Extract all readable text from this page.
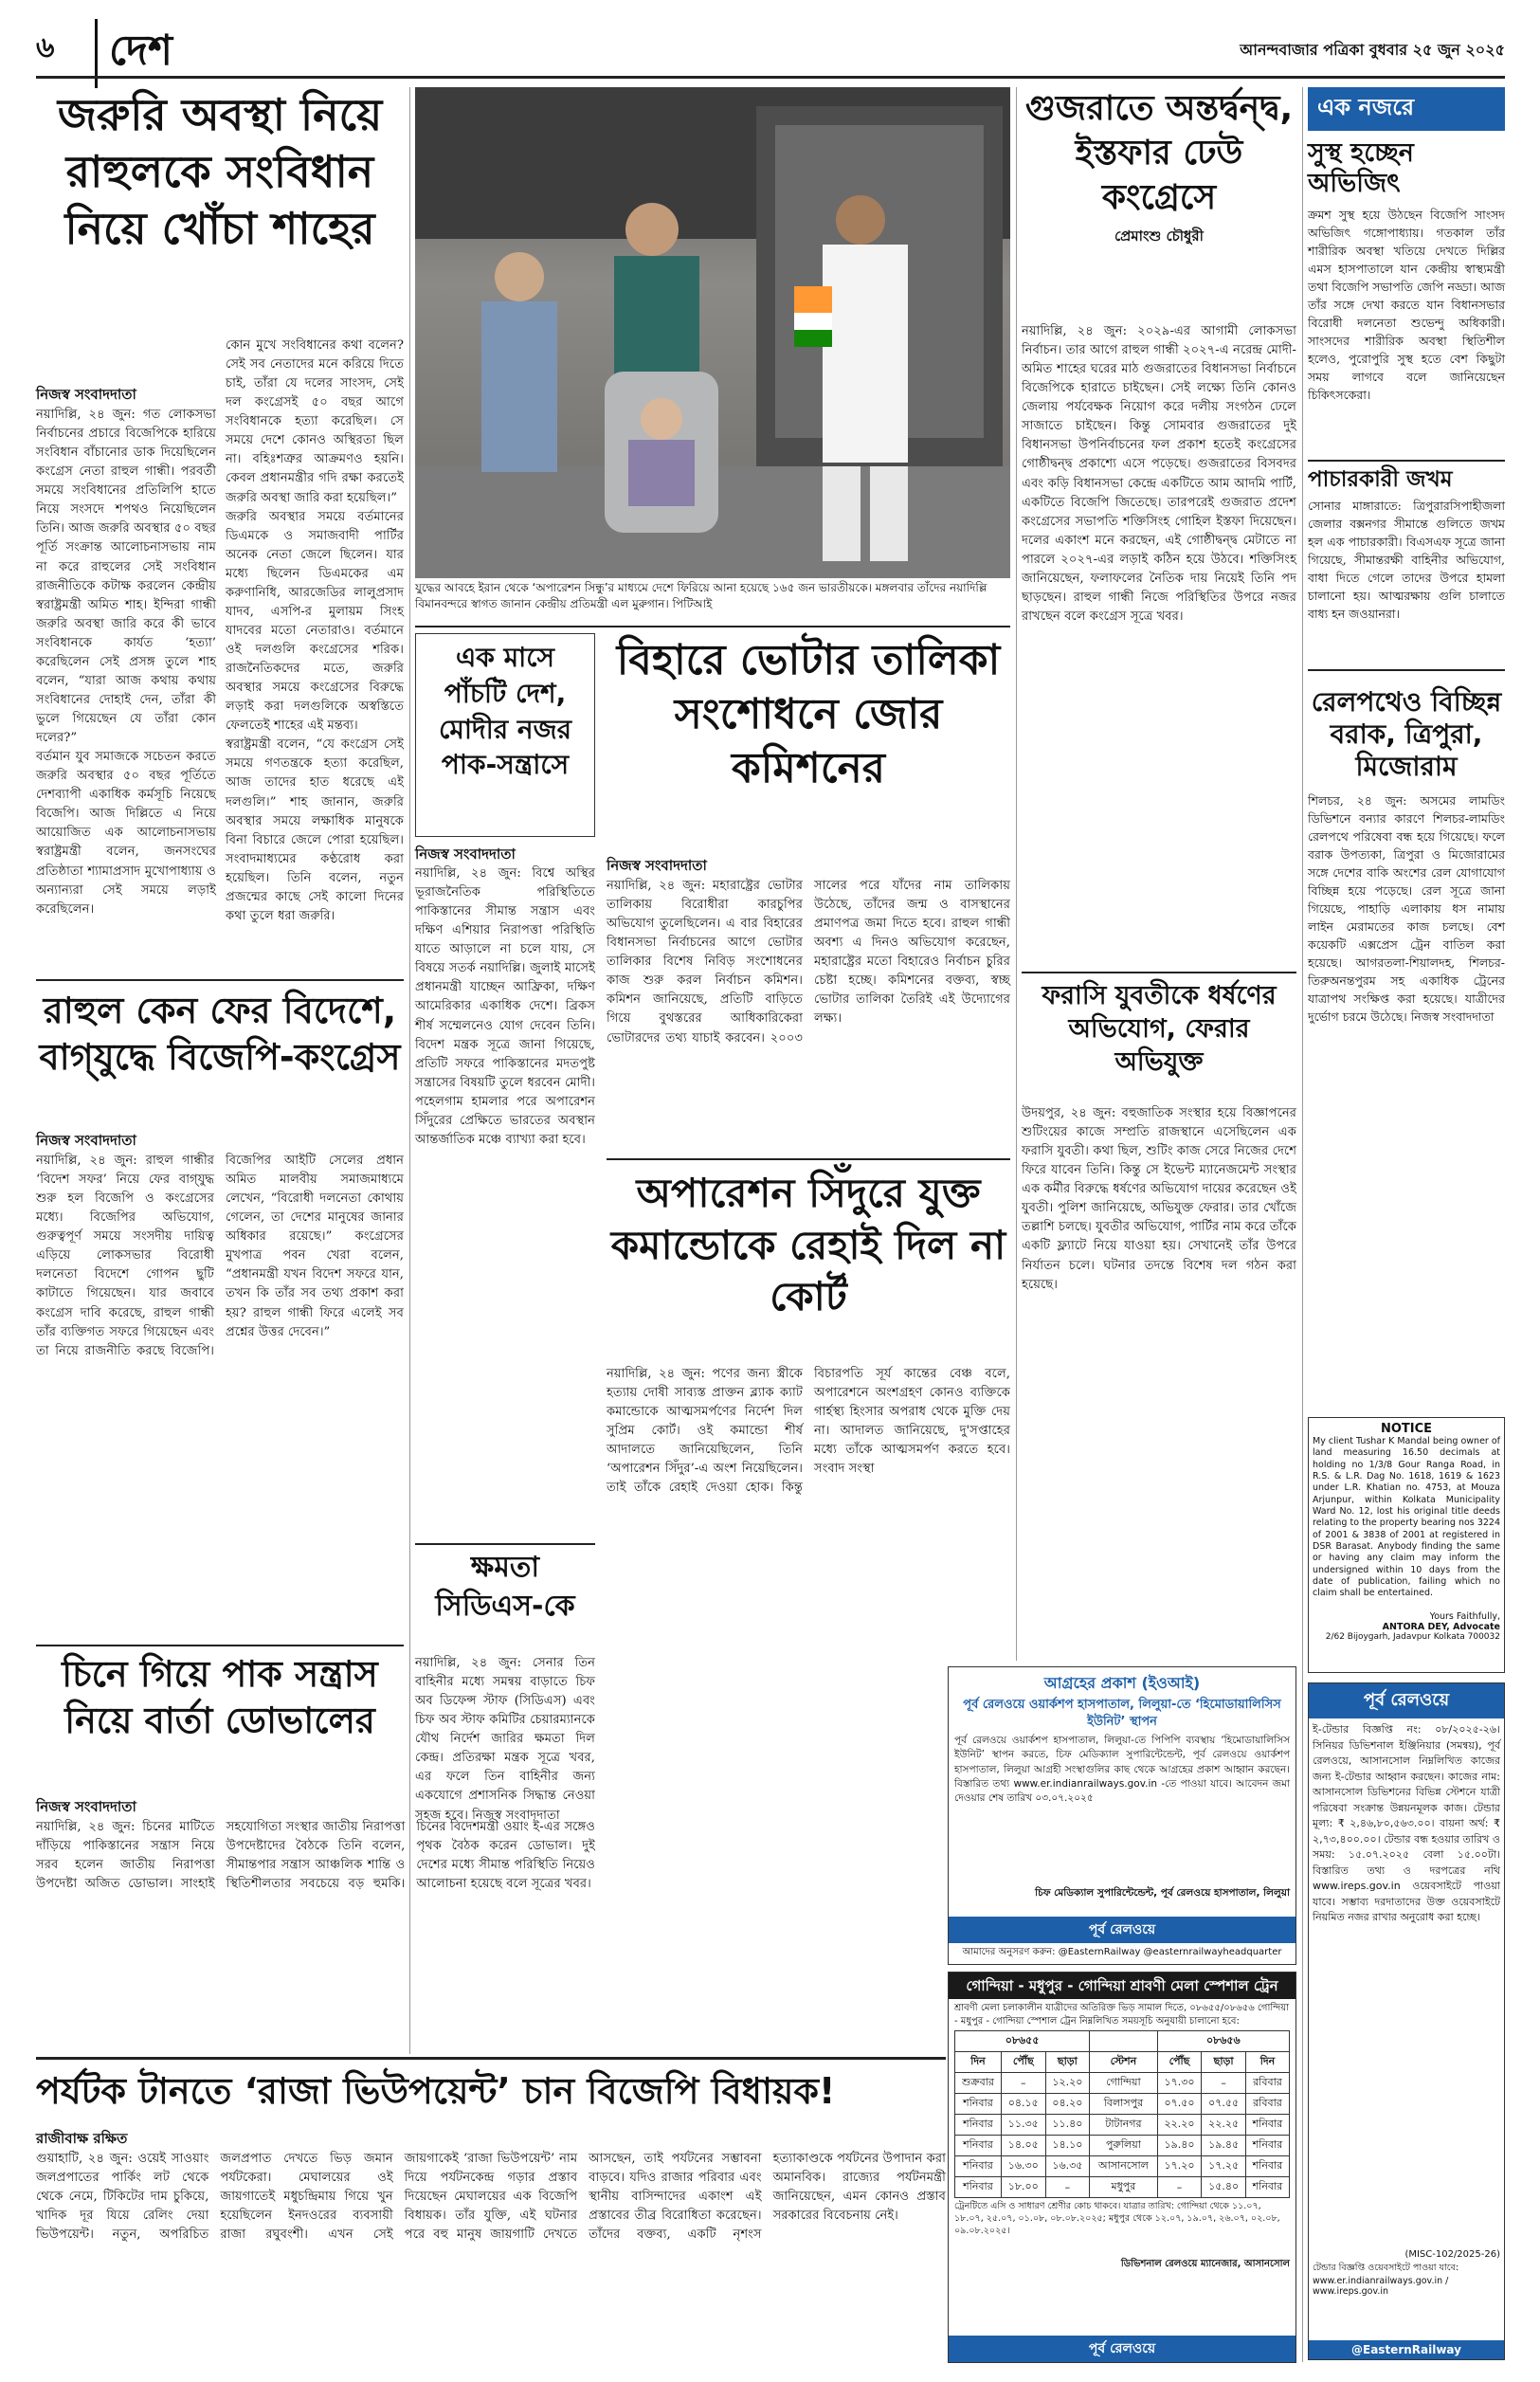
৬	দেশ	আনন্দবাজার পত্রিকা বুধবার ২৫ জুন ২০২৫
জরুরি অবস্থা নিয়ে রাহুলকে সংবিধান নিয়ে খোঁচা শাহের
নিজস্ব সংবাদদাতা
নয়াদিল্লি, ২৪ জুন: গত লোকসভা নির্বাচনের প্রচারে বিজেপিকে হারিয়ে সংবিধান বাঁচানোর ডাক দিয়েছিলেন কংগ্রেস নেতা রাহুল গান্ধী। পরবর্তী সময়ে সংবিধানের প্রতিলিপি হাতে নিয়ে সংসদে শপথও নিয়েছিলেন তিনি। আজ জরুরি অবস্থার ৫০ বছর পূর্তি সংক্রান্ত আলোচনাসভায় নাম না করে রাহুলের সেই সংবিধান রাজনীতিকে কটাক্ষ করলেন কেন্দ্রীয় স্বরাষ্ট্রমন্ত্রী অমিত শাহ। ইন্দিরা গান্ধী জরুরি অবস্থা জারি করে কী ভাবে সংবিধানকে কার্যত ‘হত্যা’ করেছিলেন সেই প্রসঙ্গ তুলে শাহ বলেন, “যারা আজ কথায় কথায় সংবিধানের দোহাই দেন, তাঁরা কী ভুলে গিয়েছেন যে তাঁরা কোন দলের?”
বর্তমান যুব সমাজকে সচেতন করতে জরুরি অবস্থার ৫০ বছর পূর্তিতে দেশব্যাপী একাধিক কর্মসূচি নিয়েছে বিজেপি। আজ দিল্লিতে এ নিয়ে আয়োজিত এক আলোচনাসভায় স্বরাষ্ট্রমন্ত্রী বলেন, জনসংঘের প্রতিষ্ঠাতা শ্যামাপ্রসাদ মুখোপাধ্যায় ও অন্যান্যরা সেই সময়ে লড়াই করেছিলেন।
কোন মুখে সংবিধানের কথা বলেন? সেই সব নেতাদের মনে করিয়ে দিতে চাই, তাঁরা যে দলের সাংসদ, সেই দল কংগ্রেসই ৫০ বছর আগে সংবিধানকে হত্যা করেছিল। সে সময়ে দেশে কোনও অস্থিরতা ছিল না। বহিঃশত্রুর আক্রমণও হয়নি। কেবল প্রধানমন্ত্রীর গদি রক্ষা করতেই জরুরি অবস্থা জারি করা হয়েছিল।”
জরুরি অবস্থার সময়ে বর্তমানের ডিএমকে ও সমাজবাদী পার্টির অনেক নেতা জেলে ছিলেন। যার মধ্যে ছিলেন ডিএমকের এম করুণানিধি, আরজেডির লালুপ্রসাদ যাদব, এসপি-র মুলায়ম সিংহ যাদবের মতো নেতারাও। বর্তমানে ওই দলগুলি কংগ্রেসের শরিক। রাজনৈতিকদের মতে, জরুরি অবস্থার সময়ে কংগ্রেসের বিরুদ্ধে লড়াই করা দলগুলিকে অস্বস্তিতে ফেলতেই শাহের এই মন্তব্য।
স্বরাষ্ট্রমন্ত্রী বলেন, “যে কংগ্রেস সেই সময়ে গণতন্ত্রকে হত্যা করেছিল, আজ তাদের হাত ধরেছে এই দলগুলি।” শাহ জানান, জরুরি অবস্থার সময়ে লক্ষাধিক মানুষকে বিনা বিচারে জেলে পোরা হয়েছিল। সংবাদমাধ্যমের কণ্ঠরোধ করা হয়েছিল। তিনি বলেন, নতুন প্রজন্মের কাছে সেই কালো দিনের কথা তুলে ধরা জরুরি।
যুদ্ধের আবহে ইরান থেকে ‘অপারেশন সিন্ধু’র মাধ্যমে দেশে ফিরিয়ে আনা হয়েছে ১৬৫ জন ভারতীয়কে। মঙ্গলবার তাঁদের নয়াদিল্লি বিমানবন্দরে স্বাগত জানান কেন্দ্রীয় প্রতিমন্ত্রী এল মুরুগান। পিটিআই
গুজরাতে অন্তর্দ্বন্দ্ব, ইস্তফার ঢেউ কংগ্রেসে
প্রেমাংশু চৌধুরী
নয়াদিল্লি, ২৪ জুন: ২০২৯-এর আগামী লোকসভা নির্বাচন। তার আগে রাহুল গান্ধী ২০২৭-এ নরেন্দ্র মোদী-অমিত শাহের ঘরের মাঠ গুজরাতের বিধানসভা নির্বাচনে বিজেপিকে হারাতে চাইছেন। সেই লক্ষ্যে তিনি কোনও জেলায় পর্যবেক্ষক নিয়োগ করে দলীয় সংগঠন ঢেলে সাজাতে চাইছেন। কিন্তু সোমবার গুজরাতের দুই বিধানসভা উপনির্বাচনের ফল প্রকাশ হতেই কংগ্রেসের গোষ্ঠীদ্বন্দ্ব প্রকাশ্যে এসে পড়েছে। গুজরাতের বিসবদর এবং কড়ি বিধানসভা কেন্দ্রে একটিতে আম আদমি পার্টি, একটিতে বিজেপি জিতেছে। তারপরেই গুজরাত প্রদেশ কংগ্রেসের সভাপতি শক্তিসিংহ গোহিল ইস্তফা দিয়েছেন। দলের একাংশ মনে করছেন, এই গোষ্ঠীদ্বন্দ্ব মেটাতে না পারলে ২০২৭-এর লড়াই কঠিন হয়ে উঠবে। শক্তিসিংহ জানিয়েছেন, ফলাফলের নৈতিক দায় নিয়েই তিনি পদ ছাড়ছেন। রাহুল গান্ধী নিজে পরিস্থিতির উপরে নজর রাখছেন বলে কংগ্রেস সূত্রে খবর।
এক নজরে
সুস্থ হচ্ছেন অভিজিৎ
ক্রমশ সুস্থ হয়ে উঠছেন বিজেপি সাংসদ অভিজিৎ গঙ্গোপাধ্যায়। গতকাল তাঁর শারীরিক অবস্থা খতিয়ে দেখতে দিল্লির এমস হাসপাতালে যান কেন্দ্রীয় স্বাস্থ্যমন্ত্রী তথা বিজেপি সভাপতি জেপি নড্ডা। আজ তাঁর সঙ্গে দেখা করতে যান বিধানসভার বিরোধী দলনেতা শুভেন্দু অধিকারী। সাংসদের শারীরিক অবস্থা স্থিতিশীল হলেও, পুরোপুরি সুস্থ হতে বেশ কিছুটা সময় লাগবে বলে জানিয়েছেন চিকিৎসকেরা।
পাচারকারী জখম
সোনার মাঙ্গারাতে: ত্রিপুরারসিপাহীজলা জেলার বক্সনগর সীমান্তে গুলিতে জখম হল এক পাচারকারী। বিএসএফ সূত্রে জানা গিয়েছে, সীমান্তরক্ষী বাহিনীর অভিযোগ, বাধা দিতে গেলে তাদের উপরে হামলা চালানো হয়। আত্মরক্ষায় গুলি চালাতে বাধ্য হন জওয়ানরা।
রেলপথেও বিচ্ছিন্ন বরাক, ত্রিপুরা, মিজোরাম
শিলচর, ২৪ জুন: অসমের লামডিং ডিভিশনে বন্যার কারণে শিলচর-লামডিং রেলপথে পরিষেবা বন্ধ হয়ে গিয়েছে। ফলে বরাক উপত্যকা, ত্রিপুরা ও মিজোরামের সঙ্গে দেশের বাকি অংশের রেল যোগাযোগ বিচ্ছিন্ন হয়ে পড়েছে। রেল সূত্রে জানা গিয়েছে, পাহাড়ি এলাকায় ধস নামায় লাইন মেরামতের কাজ চলছে। বেশ কয়েকটি এক্সপ্রেস ট্রেন বাতিল করা হয়েছে। আগরতলা-শিয়ালদহ, শিলচর-তিরুঅনন্তপুরম সহ একাধিক ট্রেনের যাত্রাপথ সংক্ষিপ্ত করা হয়েছে। যাত্রীদের দুর্ভোগ চরমে উঠেছে। নিজস্ব সংবাদদাতা
NOTICE
My client Tushar K Mandal being owner of land measuring 16.50 decimals at holding no 1/3/8 Gour Ranga Road, in R.S. & L.R. Dag No. 1618, 1619 & 1623 under L.R. Khatian no. 4753, at Mouza Arjunpur, within Kolkata Municipality Ward No. 12, lost his original title deeds relating to the property bearing nos 3224 of 2001 & 3838 of 2001 at registered in DSR Barasat. Anybody finding the same or having any claim may inform the undersigned within 10 days from the date of publication, failing which no claim shall be entertained.
Yours Faithfully,
ANTORA DEY, Advocate
2/62 Bijoygarh, Jadavpur Kolkata 700032
পূর্ব রেলওয়ে
ই-টেন্ডার বিজ্ঞপ্তি নং: ০৮/২০২৫-২৬। সিনিয়র ডিভিশনাল ইঞ্জিনিয়ার (সমন্বয়), পূর্ব রেলওয়ে, আসানসোল নিম্নলিখিত কাজের জন্য ই-টেন্ডার আহ্বান করছেন। কাজের নাম: আসানসোল ডিভিশনের বিভিন্ন স্টেশনে যাত্রী পরিষেবা সংক্রান্ত উন্নয়নমূলক কাজ। টেন্ডার মূল্য: ₹ ২,৪৬,৮০,৫৬৩.০০। বায়না অর্থ: ₹ ২,৭৩,৪০০.০০। টেন্ডার বন্ধ হওয়ার তারিখ ও সময়: ১৫.০৭.২০২৫ বেলা ১৫.০০টা। বিস্তারিত তথ্য ও দরপত্রের নথি www.ireps.gov.in ওয়েবসাইটে পাওয়া যাবে। সম্ভাব্য দরদাতাদের উক্ত ওয়েবসাইটে নিয়মিত নজর রাখার অনুরোধ করা হচ্ছে।
(MISC-102/2025-26)
টেন্ডার বিজ্ঞপ্তি ওয়েবসাইটে পাওয়া যাবে: www.er.indianrailways.gov.in / www.ireps.gov.in
@EasternRailway
রাহুল কেন ফের বিদেশে, বাগ্‌যুদ্ধে বিজেপি-কংগ্রেস
নিজস্ব সংবাদদাতা
নয়াদিল্লি, ২৪ জুন: রাহুল গান্ধীর ‘বিদেশ সফর’ নিয়ে ফের বাগ্‌যুদ্ধ শুরু হল বিজেপি ও কংগ্রেসের মধ্যে। বিজেপির অভিযোগ, গুরুত্বপূর্ণ সময়ে সংসদীয় দায়িত্ব এড়িয়ে লোকসভার বিরোধী দলনেতা বিদেশে গোপন ছুটি কাটাতে গিয়েছেন। যার জবাবে কংগ্রেস দাবি করেছে, রাহুল গান্ধী তাঁর ব্যক্তিগত সফরে গিয়েছেন এবং তা নিয়ে রাজনীতি করছে বিজেপি। বিজেপির আইটি সেলের প্রধান অমিত মালবীয় সমাজমাধ্যমে লেখেন, “বিরোধী দলনেতা কোথায় গেলেন, তা দেশের মানুষের জানার অধিকার রয়েছে।” কংগ্রেসের মুখপাত্র পবন খেরা বলেন, “প্রধানমন্ত্রী যখন বিদেশ সফরে যান, তখন কি তাঁর সব তথ্য প্রকাশ করা হয়? রাহুল গান্ধী ফিরে এলেই সব প্রশ্নের উত্তর দেবেন।”
এক মাসে পাঁচটি দেশ, মোদীর নজর পাক-সন্ত্রাসে
নিজস্ব সংবাদদাতা
নয়াদিল্লি, ২৪ জুন: বিশ্বে অস্থির ভূরাজনৈতিক পরিস্থিতিতে পাকিস্তানের সীমান্ত সন্ত্রাস এবং দক্ষিণ এশিয়ার নিরাপত্তা পরিস্থিতি যাতে আড়ালে না চলে যায়, সে বিষয়ে সতর্ক নয়াদিল্লি। জুলাই মাসেই প্রধানমন্ত্রী যাচ্ছেন আফ্রিকা, দক্ষিণ আমেরিকার একাধিক দেশে। ব্রিকস শীর্ষ সম্মেলনেও যোগ দেবেন তিনি। বিদেশ মন্ত্রক সূত্রে জানা গিয়েছে, প্রতিটি সফরে পাকিস্তানের মদতপুষ্ট সন্ত্রাসের বিষয়টি তুলে ধরবেন মোদী। পহেলগাম হামলার পরে অপারেশন সিঁদুরের প্রেক্ষিতে ভারতের অবস্থান আন্তর্জাতিক মঞ্চে ব্যাখ্যা করা হবে।
বিহারে ভোটার তালিকা সংশোধনে জোর কমিশনের
নিজস্ব সংবাদদাতা
নয়াদিল্লি, ২৪ জুন: মহারাষ্ট্রের ভোটার তালিকায় বিরোধীরা কারচুপির অভিযোগ তুলেছিলেন। এ বার বিহারের বিধানসভা নির্বাচনের আগে ভোটার তালিকার বিশেষ নিবিড় সংশোধনের কাজ শুরু করল নির্বাচন কমিশন। কমিশন জানিয়েছে, প্রতিটি বাড়িতে গিয়ে বুথস্তরের আধিকারিকেরা ভোটারদের তথ্য যাচাই করবেন। ২০০৩ সালের পরে যাঁদের নাম তালিকায় উঠেছে, তাঁদের জন্ম ও বাসস্থানের প্রমাণপত্র জমা দিতে হবে। রাহুল গান্ধী অবশ্য এ দিনও অভিযোগ করেছেন, মহারাষ্ট্রের মতো বিহারেও নির্বাচন চুরির চেষ্টা হচ্ছে। কমিশনের বক্তব্য, স্বচ্ছ ভোটার তালিকা তৈরিই এই উদ্যোগের লক্ষ্য।
ফরাসি যুবতীকে ধর্ষণের অভিযোগ, ফেরার অভিযুক্ত
উদয়পুর, ২৪ জুন: বহুজাতিক সংস্থার হয়ে বিজ্ঞাপনের শুটিংয়ের কাজে সম্প্রতি রাজস্থানে এসেছিলেন এক ফরাসি যুবতী। কথা ছিল, শুটিং কাজ সেরে নিজের দেশে ফিরে যাবেন তিনি। কিন্তু সে ইভেন্ট ম্যানেজমেন্ট সংস্থার এক কর্মীর বিরুদ্ধে ধর্ষণের অভিযোগ দায়ের করেছেন ওই যুবতী। পুলিশ জানিয়েছে, অভিযুক্ত ফেরার। তার খোঁজে তল্লাশি চলছে। যুবতীর অভিযোগ, পার্টির নাম করে তাঁকে একটি ফ্ল্যাটে নিয়ে যাওয়া হয়। সেখানেই তাঁর উপরে নির্যাতন চলে। ঘটনার তদন্তে বিশেষ দল গঠন করা হয়েছে।
অপারেশন সিঁদুরে যুক্ত কমান্ডোকে রেহাই দিল না কোর্ট
নয়াদিল্লি, ২৪ জুন: পণের জন্য স্ত্রীকে হত্যায় দোষী সাব্যস্ত প্রাক্তন ব্ল্যাক ক্যাট কমান্ডোকে আত্মসমর্পণের নির্দেশ দিল সুপ্রিম কোর্ট। ওই কমান্ডো শীর্ষ আদালতে জানিয়েছিলেন, তিনি ‘অপারেশন সিঁদুর’-এ অংশ নিয়েছিলেন। তাই তাঁকে রেহাই দেওয়া হোক। কিন্তু বিচারপতি সূর্য কান্তের বেঞ্চ বলে, অপারেশনে অংশগ্রহণ কোনও ব্যক্তিকে গার্হস্থ্য হিংসার অপরাধ থেকে মুক্তি দেয় না। আদালত জানিয়েছে, দু'সপ্তাহের মধ্যে তাঁকে আত্মসমর্পণ করতে হবে। সংবাদ সংস্থা
চিনে গিয়ে পাক সন্ত্রাস নিয়ে বার্তা ডোভালের
নিজস্ব সংবাদদাতা
নয়াদিল্লি, ২৪ জুন: চিনের মাটিতে দাঁড়িয়ে পাকিস্তানের সন্ত্রাস নিয়ে সরব হলেন জাতীয় নিরাপত্তা উপদেষ্টা অজিত ডোভাল। সাংহাই সহযোগিতা সংস্থার জাতীয় নিরাপত্তা উপদেষ্টাদের বৈঠকে তিনি বলেন, সীমান্তপার সন্ত্রাস আঞ্চলিক শান্তি ও স্থিতিশীলতার সবচেয়ে বড় হুমকি। চিনের বিদেশমন্ত্রী ওয়াং ই-এর সঙ্গেও পৃথক বৈঠক করেন ডোভাল। দুই দেশের মধ্যে সীমান্ত পরিস্থিতি নিয়েও আলোচনা হয়েছে বলে সূত্রের খবর।
ক্ষমতা সিডিএস-কে
নয়াদিল্লি, ২৪ জুন: সেনার তিন বাহিনীর মধ্যে সমন্বয় বাড়াতে চিফ অব ডিফেন্স স্টাফ (সিডিএস) এবং চিফ অব স্টাফ কমিটির চেয়ারম্যানকে যৌথ নির্দেশ জারির ক্ষমতা দিল কেন্দ্র। প্রতিরক্ষা মন্ত্রক সূত্রে খবর, এর ফলে তিন বাহিনীর জন্য একযোগে প্রশাসনিক সিদ্ধান্ত নেওয়া সহজ হবে। নিজস্ব সংবাদদাতা
আগ্রহের প্রকাশ (ইওআই)
পূর্ব রেলওয়ে ওয়ার্কশপ হাসপাতাল, লিলুয়া-তে ‘হিমোডায়ালিসিস ইউনিট’ স্থাপন
পূর্ব রেলওয়ে ওয়ার্কশপ হাসপাতাল, লিলুয়া-তে পিপিপি ব্যবস্থায় ‘হিমোডায়ালিসিস ইউনিট’ স্থাপন করতে, চিফ মেডিক্যাল সুপারিন্টেন্ডেন্ট, পূর্ব রেলওয়ে ওয়ার্কশপ হাসপাতাল, লিলুয়া আগ্রহী সংস্থাগুলির কাছ থেকে আগ্রহের প্রকাশ আহ্বান করছেন। বিস্তারিত তথ্য www.er.indianrailways.gov.in -তে পাওয়া যাবে। আবেদন জমা দেওয়ার শেষ তারিখ ০৩.০৭.২০২৫
চিফ মেডিক্যাল সুপারিন্টেন্ডেন্ট, পূর্ব রেলওয়ে হাসপাতাল, লিলুয়া
পূর্ব রেলওয়ে
আমাদের অনুসরণ করুন: @EasternRailway @easternrailwayheadquarter
পর্যটক টানতে ‘রাজা ভিউপয়েন্ট’ চান বিজেপি বিধায়ক!
রাজীবাক্ষ রক্ষিত
গুয়াহাটি, ২৪ জুন: ওয়েই সাওয়াং জলপ্রপাতের পার্কিং লট থেকে থেকে নেমে, টিকিটের দাম চুকিয়ে, খাদিক দূর যিয়ে রেলিং দেয়া ভিউপয়েন্ট। নতুন, অপরিচিত জলপ্রপাত দেখতে ভিড় জমান পর্যটকেরা। মেঘালয়ের ওই জায়গাতেই মধুচন্দ্রিমায় গিয়ে খুন হয়েছিলেন ইনদওরের ব্যবসায়ী রাজা রঘুবংশী। এখন সেই জায়গাকেই ‘রাজা ভিউপয়েন্ট’ নাম দিয়ে পর্যটনকেন্দ্র গড়ার প্রস্তাব দিয়েছেন মেঘালয়ের এক বিজেপি বিধায়ক। তাঁর যুক্তি, এই ঘটনার পরে বহু মানুষ জায়গাটি দেখতে আসছেন, তাই পর্যটনের সম্ভাবনা বাড়বে। যদিও রাজার পরিবার এবং স্থানীয় বাসিন্দাদের একাংশ এই প্রস্তাবের তীব্র বিরোধিতা করেছেন। তাঁদের বক্তব্য, একটি নৃশংস হত্যাকাণ্ডকে পর্যটনের উপাদান করা অমানবিক। রাজ্যের পর্যটনমন্ত্রী জানিয়েছেন, এমন কোনও প্রস্তাব সরকারের বিবেচনায় নেই।
গোন্দিয়া - মধুপুর - গোন্দিয়া শ্রাবণী মেলা স্পেশাল ট্রেন
শ্রাবণী মেলা চলাকালীন যাত্রীদের অতিরিক্ত ভিড় সামাল দিতে, ০৮৬৫৫/০৮৬৫৬ গোন্দিয়া - মধুপুর - গোন্দিয়া স্পেশাল ট্রেন নিম্নলিখিত সময়সূচি অনুযায়ী চালানো হবে:
০৮৬৫৫				০৮৬৫৬		
দিন	পৌঁছ	ছাড়া	স্টেশন	পৌঁছ	ছাড়া	দিন
শুক্রবার	–	১২.২০	গোন্দিয়া	১৭.৩০	–	রবিবার
শনিবার	০৪.১৫	০৪.২০	বিলাসপুর	০৭.৫০	০৭.৫৫	রবিবার
শনিবার	১১.৩৫	১১.৪০	টাটানগর	২২.২০	২২.২৫	শনিবার
শনিবার	১৪.০৫	১৪.১০	পুরুলিয়া	১৯.৪০	১৯.৪৫	শনিবার
শনিবার	১৬.৩০	১৬.৩৫	আসানসোল	১৭.২০	১৭.২৫	শনিবার
শনিবার	১৮.০০	–	মধুপুর	–	১৫.৪০	শনিবার
ট্রেনটিতে এসি ও সাধারণ শ্রেণীর কোচ থাকবে। যাত্রার তারিখ: গোন্দিয়া থেকে ১১.০৭, ১৮.০৭, ২৫.০৭, ০১.০৮, ০৮.০৮.২০২৫; মধুপুর থেকে ১২.০৭, ১৯.০৭, ২৬.০৭, ০২.০৮, ০৯.০৮.২০২৫।
ডিভিশনাল রেলওয়ে ম্যানেজার, আসানসোল
পূর্ব রেলওয়ে
